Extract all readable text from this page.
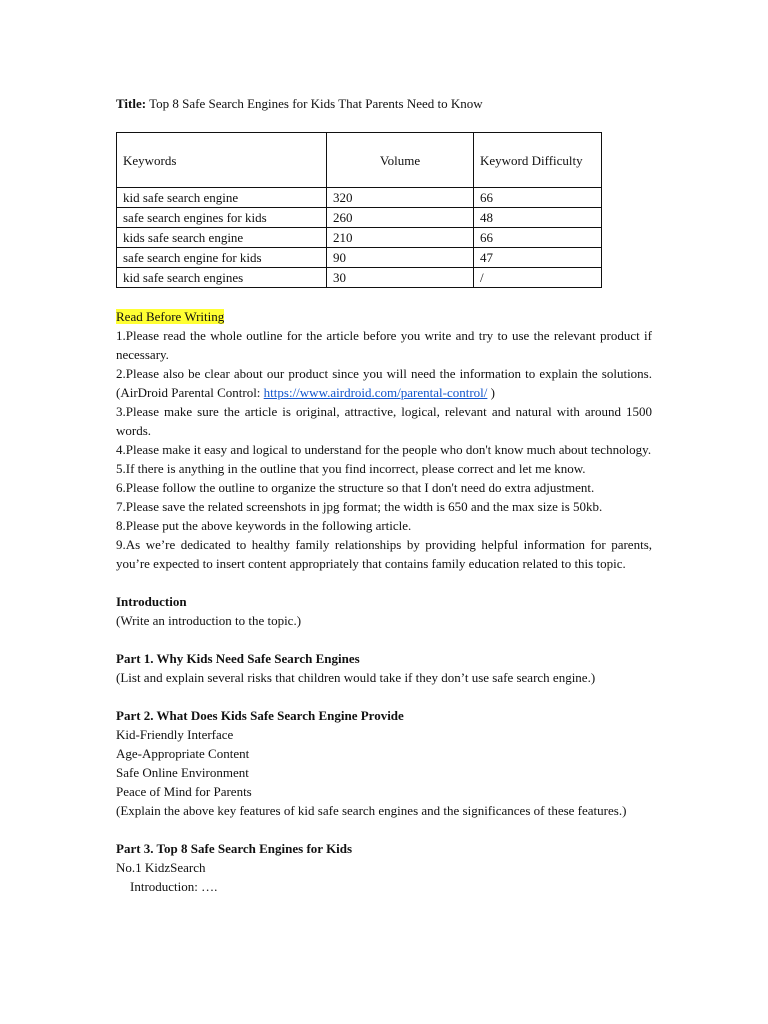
Title: Top 8 Safe Search Engines for Kids That Parents Need to Know
Keywords	Volume	Keyword Difficulty
kid safe search engine	320	66
safe search engines for kids	260	48
kids safe search engine	210	66
safe search engine for kids	90	47
kid safe search engines	30	/
Read Before Writing

1.Please read the whole outline for the article before you write and try to use the relevant product if necessary.

2.Please also be clear about our product since you will need the information to explain the solutions. (AirDroid Parental Control: https://www.airdroid.com/parental-control/ )

3.Please make sure the article is original, attractive, logical, relevant and natural with around 1500 words.

4.Please make it easy and logical to understand for the people who don't know much about technology.

5.If there is anything in the outline that you find incorrect, please correct and let me know.

6.Please follow the outline to organize the structure so that I don't need do extra adjustment.

7.Please save the related screenshots in jpg format; the width is 650 and the max size is 50kb.

8.Please put the above keywords in the following article.

9.As we’re dedicated to healthy family relationships by providing helpful information for parents, you’re expected to insert content appropriately that contains family education related to this topic.

Introduction
(Write an introduction to the topic.)
Part 1. Why Kids Need Safe Search Engines
(List and explain several risks that children would take if they don’t use safe search engine.)
Part 2. What Does Kids Safe Search Engine Provide
Kid-Friendly Interface
Age-Appropriate Content
Safe Online Environment
Peace of Mind for Parents
(Explain the above key features of kid safe search engines and the significances of these features.)
Part 3. Top 8 Safe Search Engines for Kids
No.1 KidzSearch
Introduction: ….
